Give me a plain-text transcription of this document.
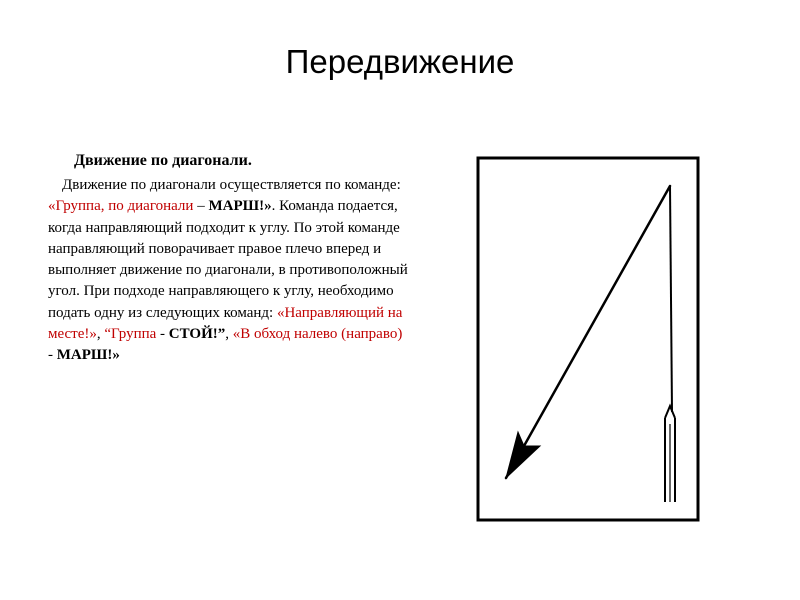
Передвижение
Движение по диагонали.

Движение по диагонали осуществляется по команде: «Группа, по диагонали – МАРШ!». Команда подается, когда направляющий подходит к углу. По этой команде направляющий поворачивает правое плечо вперед и выполняет движение по диагонали, в противоположный угол. При подходе направляющего к углу, необходимо подать одну из следующих команд: «Направляющий на месте!», “Группа - СТОЙ!”, «В обход налево (направо) - МАРШ!»
